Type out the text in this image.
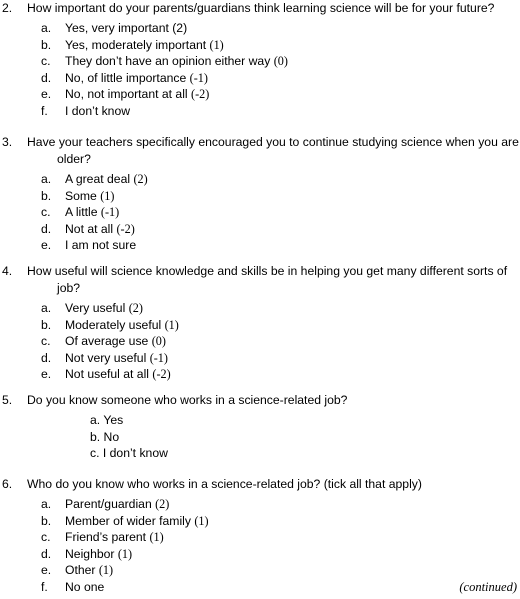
2. How important do your parents/guardians think learning science will be for your future?
a. Yes, very important (2)
b. Yes, moderately important (1)
c. They don’t have an opinion either way (0)
d. No, of little importance (-1)
e. No, not important at all (-2)
f. I don’t know
3. Have your teachers specifically encouraged you to continue studying science when you are
older?
a. A great deal (2)
b. Some (1)
c. A little (-1)
d. Not at all (-2)
e. I am not sure
4. How useful will science knowledge and skills be in helping you get many different sorts of
job?
a. Very useful (2)
b. Moderately useful (1)
c. Of average use (0)
d. Not very useful (-1)
e. Not useful at all (-2)
5. Do you know someone who works in a science-related job?
a. Yes
b. No
c. I don’t know
6. Who do you know who works in a science-related job? (tick all that apply)
a. Parent/guardian (2)
b. Member of wider family (1)
c. Friend’s parent (1)
d. Neighbor (1)
e. Other (1)
f. No one	(continued)
